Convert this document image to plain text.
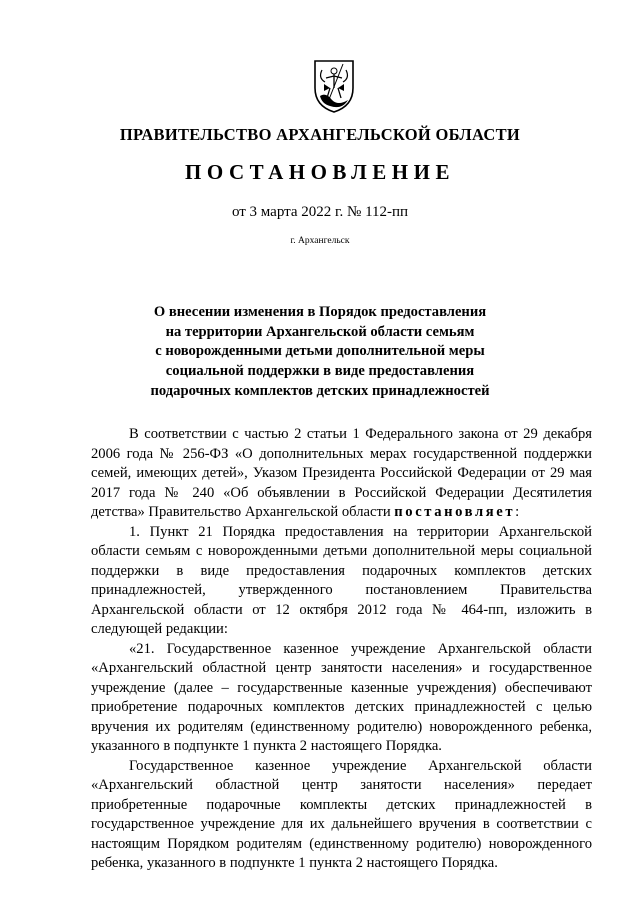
ПРАВИТЕЛЬСТВО АРХАНГЕЛЬСКОЙ ОБЛАСТИ
ПОСТАНОВЛЕНИЕ
от 3 марта 2022 г. № 112-пп
г. Архангельск
О внесении изменения в Порядок предоставления
на территории Архангельской области семьям
с новорожденными детьми дополнительной меры
социальной поддержки в виде предоставления
подарочных комплектов детских принадлежностей

В соответствии с частью 2 статьи 1 Федерального закона от 29 декабря 2006 года № 256-ФЗ «О дополнительных мерах государственной поддержки семей, имеющих детей», Указом Президента Российской Федерации от 29 мая 2017 года № 240 «Об объявлении в Российской Федерации Десятилетия детства» Правительство Архангельской области постановляет:

1. Пункт 21 Порядка предоставления на территории Архангельской области семьям с новорожденными детьми дополнительной меры социальной поддержки в виде предоставления подарочных комплектов детских принадлежностей, утвержденного постановлением Правительства Архангельской области от 12 октября 2012 года № 464-пп, изложить в следующей редакции:

«21. Государственное казенное учреждение Архангельской области «Архангельский областной центр занятости населения» и государственное учреждение (далее – государственные казенные учреждения) обеспечивают приобретение подарочных комплектов детских принадлежностей с целью вручения их родителям (единственному родителю) новорожденного ребенка, указанного в подпункте 1 пункта 2 настоящего Порядка.

Государственное казенное учреждение Архангельской области «Архангельский областной центр занятости населения» передает приобретенные подарочные комплекты детских принадлежностей в государственное учреждение для их дальнейшего вручения в соответствии с настоящим Порядком родителям (единственному родителю) новорожденного ребенка, указанного в подпункте 1 пункта 2 настоящего Порядка.
